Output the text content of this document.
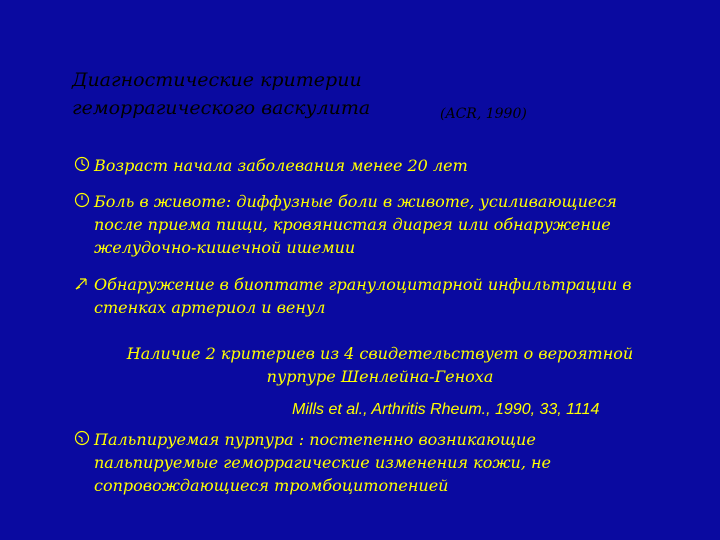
Диагностические критерии
геморрагического васкулита	(ACR, 1990)
Возраст начала заболевания менее 20 лет
Боль в животе: диффузные боли в животе, усиливающиеся
после приема пищи, кровянистая диарея или обнаружение
желудочно-кишечной ишемии
Обнаружение в биоптате гранулоцитарной инфильтрации в
стенках артериол и венул
Наличие 2 критериев из 4 свидетельствует о вероятной
пурпуре Шенлейна-Геноха
Mills et al., Arthritis Rheum., 1990, 33, 1114
Пальпируемая пурпура : постепенно возникающие
пальпируемые геморрагические изменения кожи, не
сопровождающиеся тромбоцитопенией
